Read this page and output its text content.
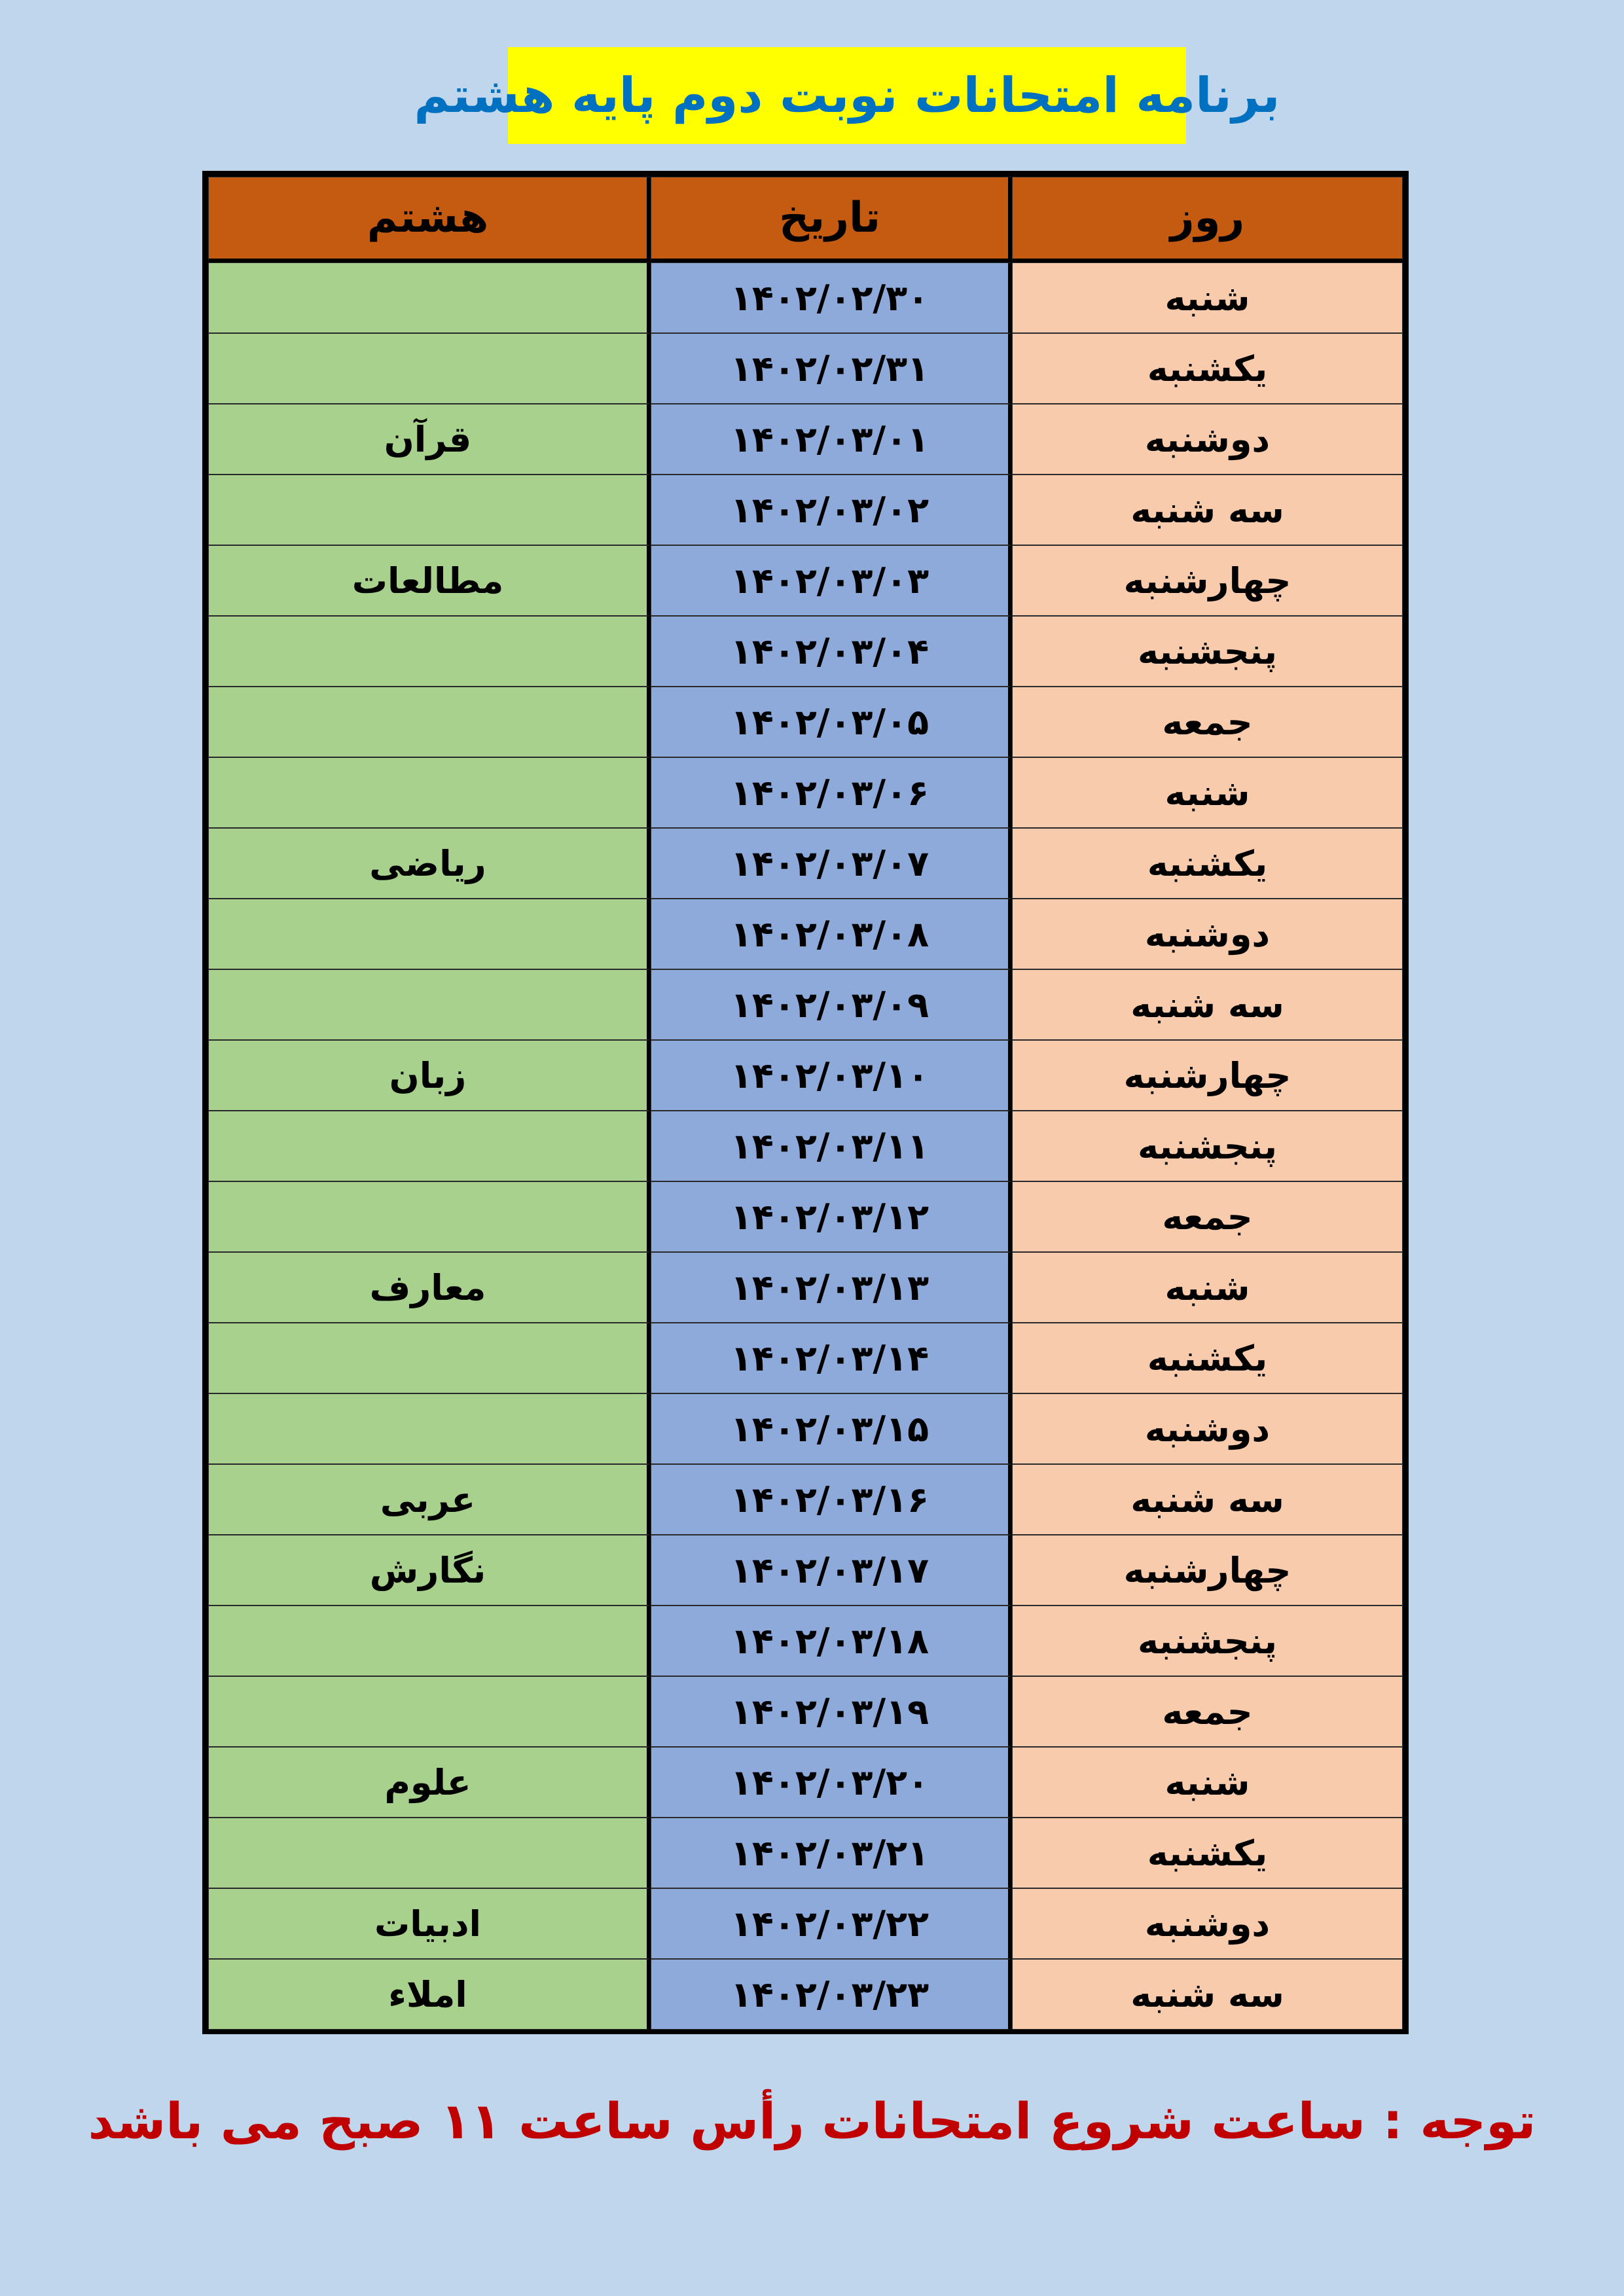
برنامه امتحانات نوبت دوم پایه هشتم
هشتم	تاریخ	روز
	۱۴۰۲/۰۲/۳۰	شنبه
	۱۴۰۲/۰۲/۳۱	یکشنبه
قرآن	۱۴۰۲/۰۳/۰۱	دوشنبه
	۱۴۰۲/۰۳/۰۲	سه شنبه
مطالعات	۱۴۰۲/۰۳/۰۳	چهارشنبه
	۱۴۰۲/۰۳/۰۴	پنجشنبه
	۱۴۰۲/۰۳/۰۵	جمعه
	۱۴۰۲/۰۳/۰۶	شنبه
ریاضی	۱۴۰۲/۰۳/۰۷	یکشنبه
	۱۴۰۲/۰۳/۰۸	دوشنبه
	۱۴۰۲/۰۳/۰۹	سه شنبه
زبان	۱۴۰۲/۰۳/۱۰	چهارشنبه
	۱۴۰۲/۰۳/۱۱	پنجشنبه
	۱۴۰۲/۰۳/۱۲	جمعه
معارف	۱۴۰۲/۰۳/۱۳	شنبه
	۱۴۰۲/۰۳/۱۴	یکشنبه
	۱۴۰۲/۰۳/۱۵	دوشنبه
عربی	۱۴۰۲/۰۳/۱۶	سه شنبه
نگارش	۱۴۰۲/۰۳/۱۷	چهارشنبه
	۱۴۰۲/۰۳/۱۸	پنجشنبه
	۱۴۰۲/۰۳/۱۹	جمعه
علوم	۱۴۰۲/۰۳/۲۰	شنبه
	۱۴۰۲/۰۳/۲۱	یکشنبه
ادبیات	۱۴۰۲/۰۳/۲۲	دوشنبه
املاء	۱۴۰۲/۰۳/۲۳	سه شنبه
توجه : ساعت شروع امتحانات رأس ساعت ۱۱ صبح می باشد
